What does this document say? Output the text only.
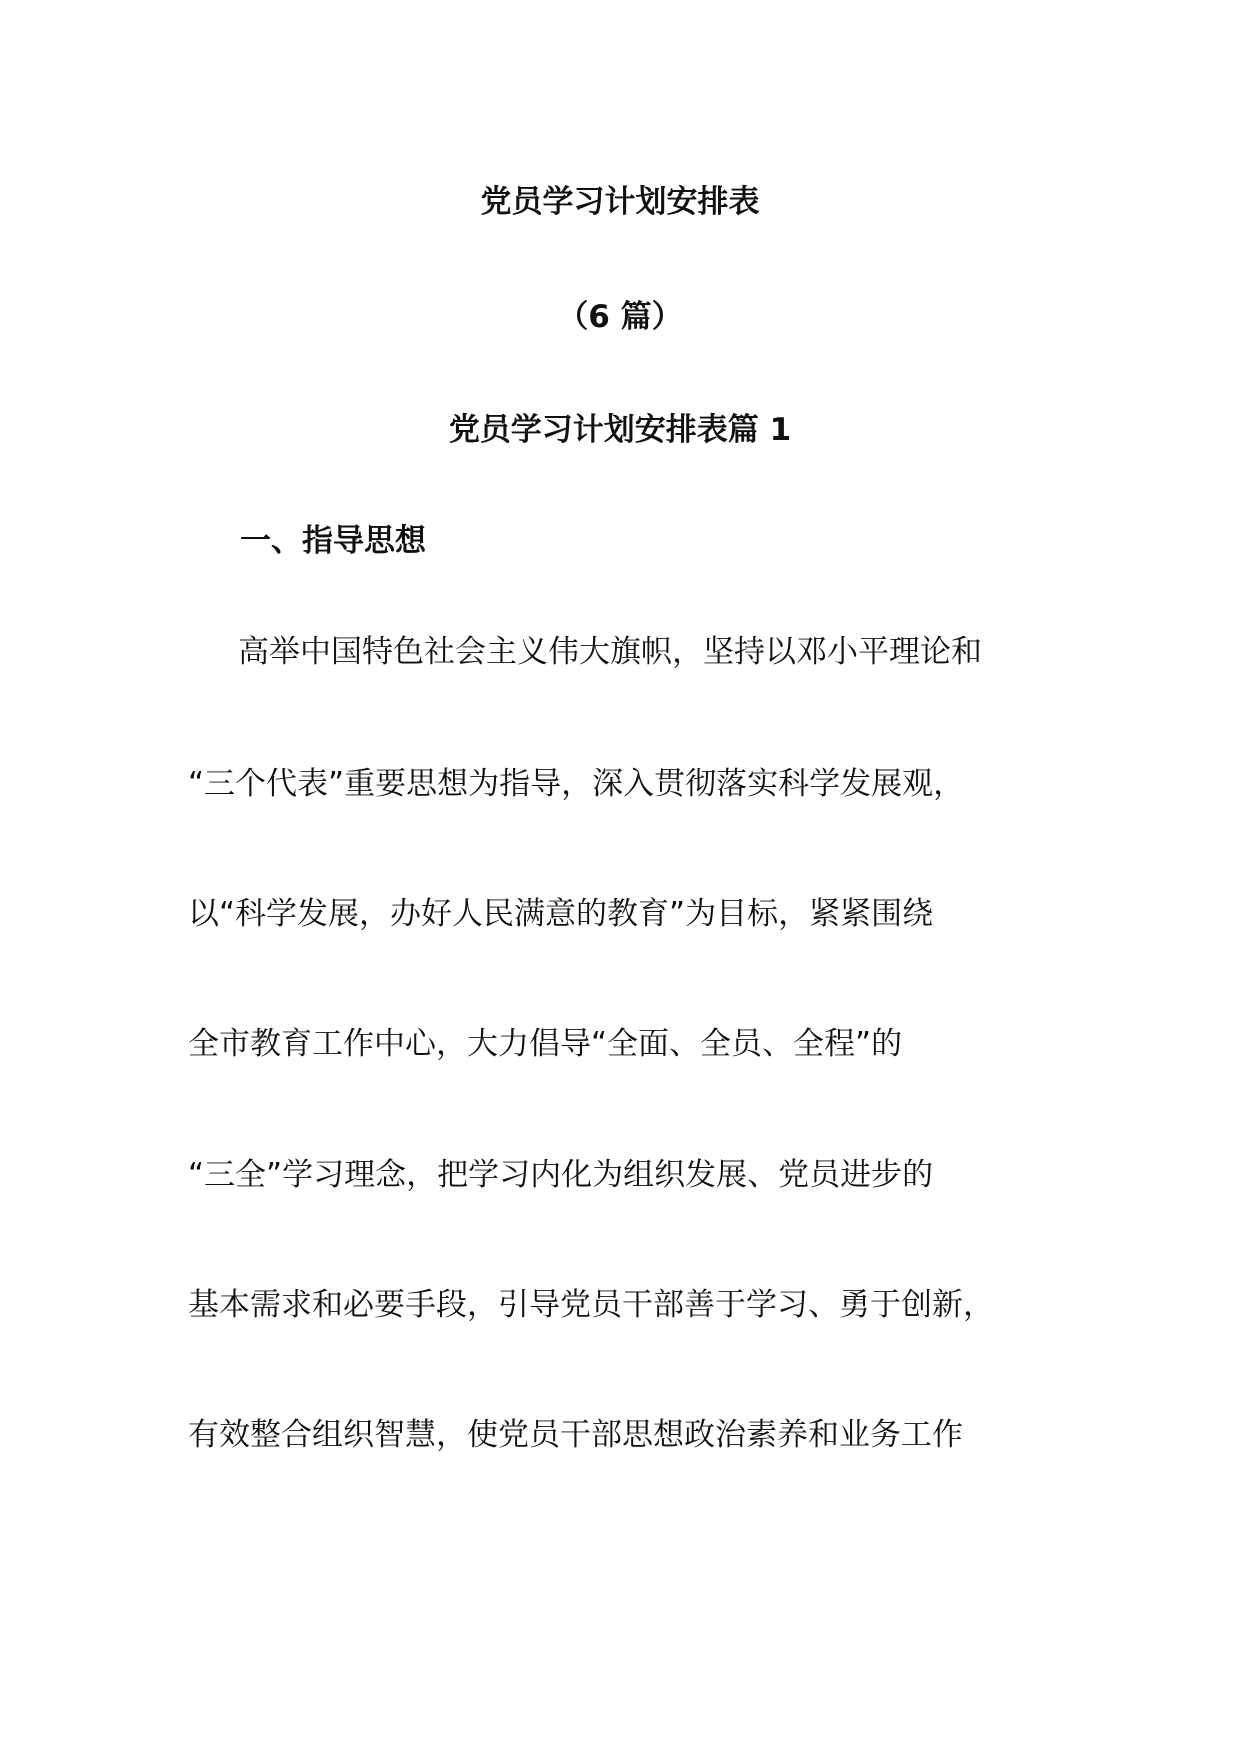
党员学习计划安排表
（6 篇）
党员学习计划安排表篇 1
一、指导思想
高举中国特色社会主义伟大旗帜，坚持以邓小平理论和
“三个代表”重要思想为指导，深入贯彻落实科学发展观，
以“科学发展，办好人民满意的教育”为目标，紧紧围绕
全市教育工作中心，大力倡导“全面、全员、全程”的
“三全”学习理念，把学习内化为组织发展、党员进步的
基本需求和必要手段，引导党员干部善于学习、勇于创新，
有效整合组织智慧，使党员干部思想政治素养和业务工作
